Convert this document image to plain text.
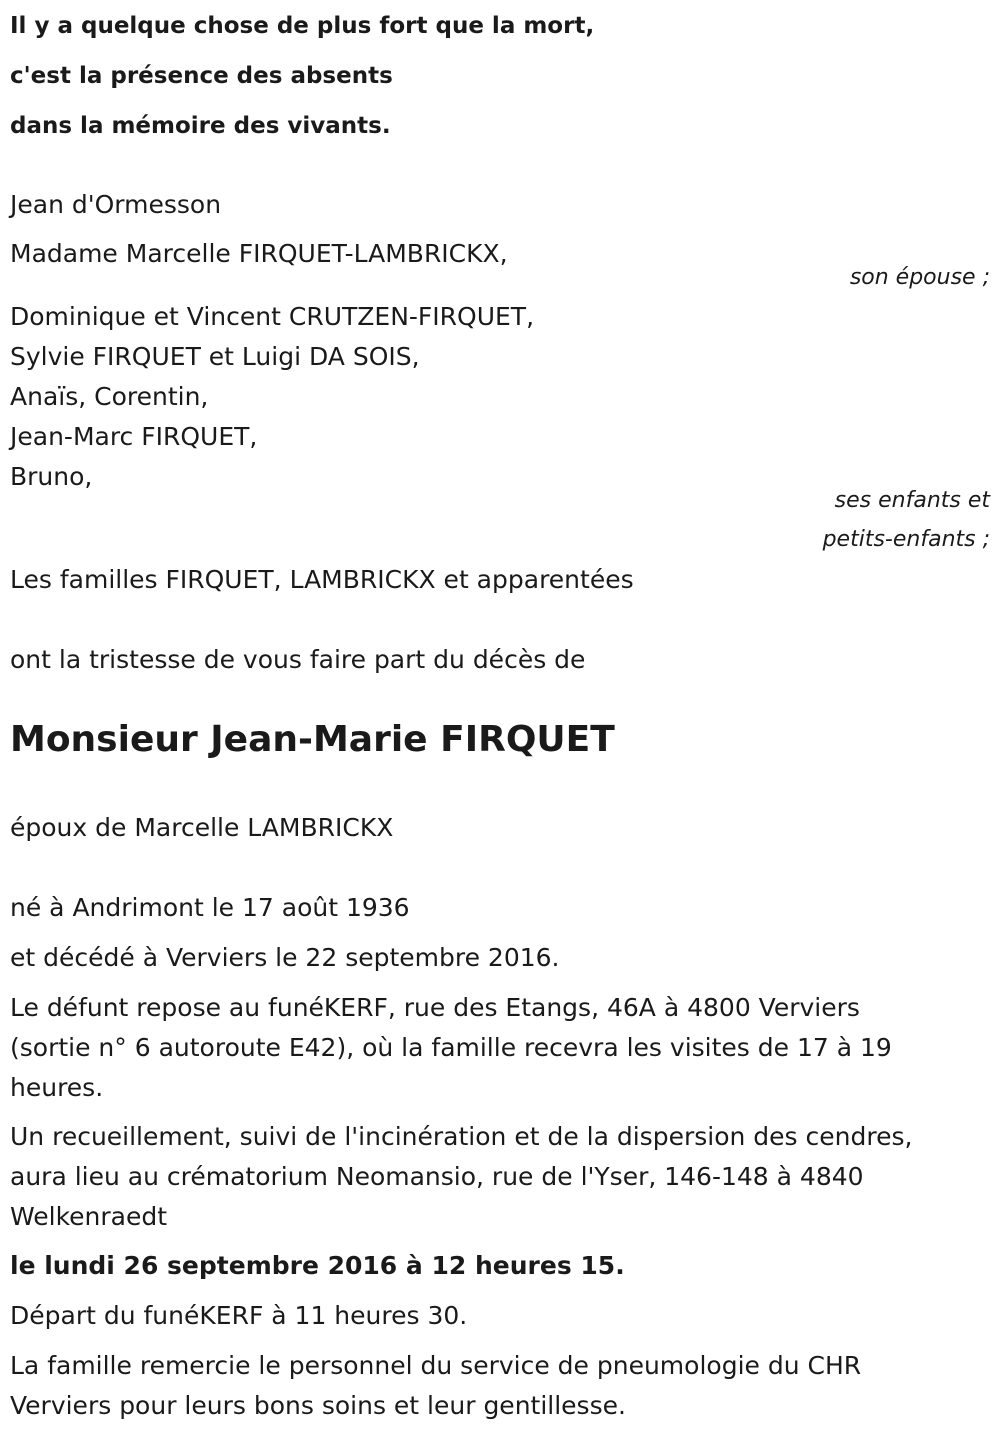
Il y a quelque chose de plus fort que la mort,
c'est la présence des absents
dans la mémoire des vivants.
Jean d'Ormesson
Madame Marcelle FIRQUET-LAMBRICKX,
son épouse ;
Dominique et Vincent CRUTZEN-FIRQUET,
Sylvie FIRQUET et Luigi DA SOIS,
Anaïs, Corentin,
Jean-Marc FIRQUET,
Bruno,
ses enfants et
petits-enfants ;
Les familles FIRQUET, LAMBRICKX et apparentées
ont la tristesse de vous faire part du décès de
Monsieur Jean-Marie FIRQUET
époux de Marcelle LAMBRICKX
né à Andrimont le 17 août 1936
et décédé à Verviers le 22 septembre 2016.
Le défunt repose au funéKERF, rue des Etangs, 46A à 4800 Verviers
(sortie n° 6 autoroute E42), où la famille recevra les visites de 17 à 19
heures.
Un recueillement, suivi de l'incinération et de la dispersion des cendres,
aura lieu au crématorium Neomansio, rue de l'Yser, 146-148 à 4840
Welkenraedt
le lundi 26 septembre 2016 à 12 heures 15.
Départ du funéKERF à 11 heures 30.
La famille remercie le personnel du service de pneumologie du CHR
Verviers pour leurs bons soins et leur gentillesse.
